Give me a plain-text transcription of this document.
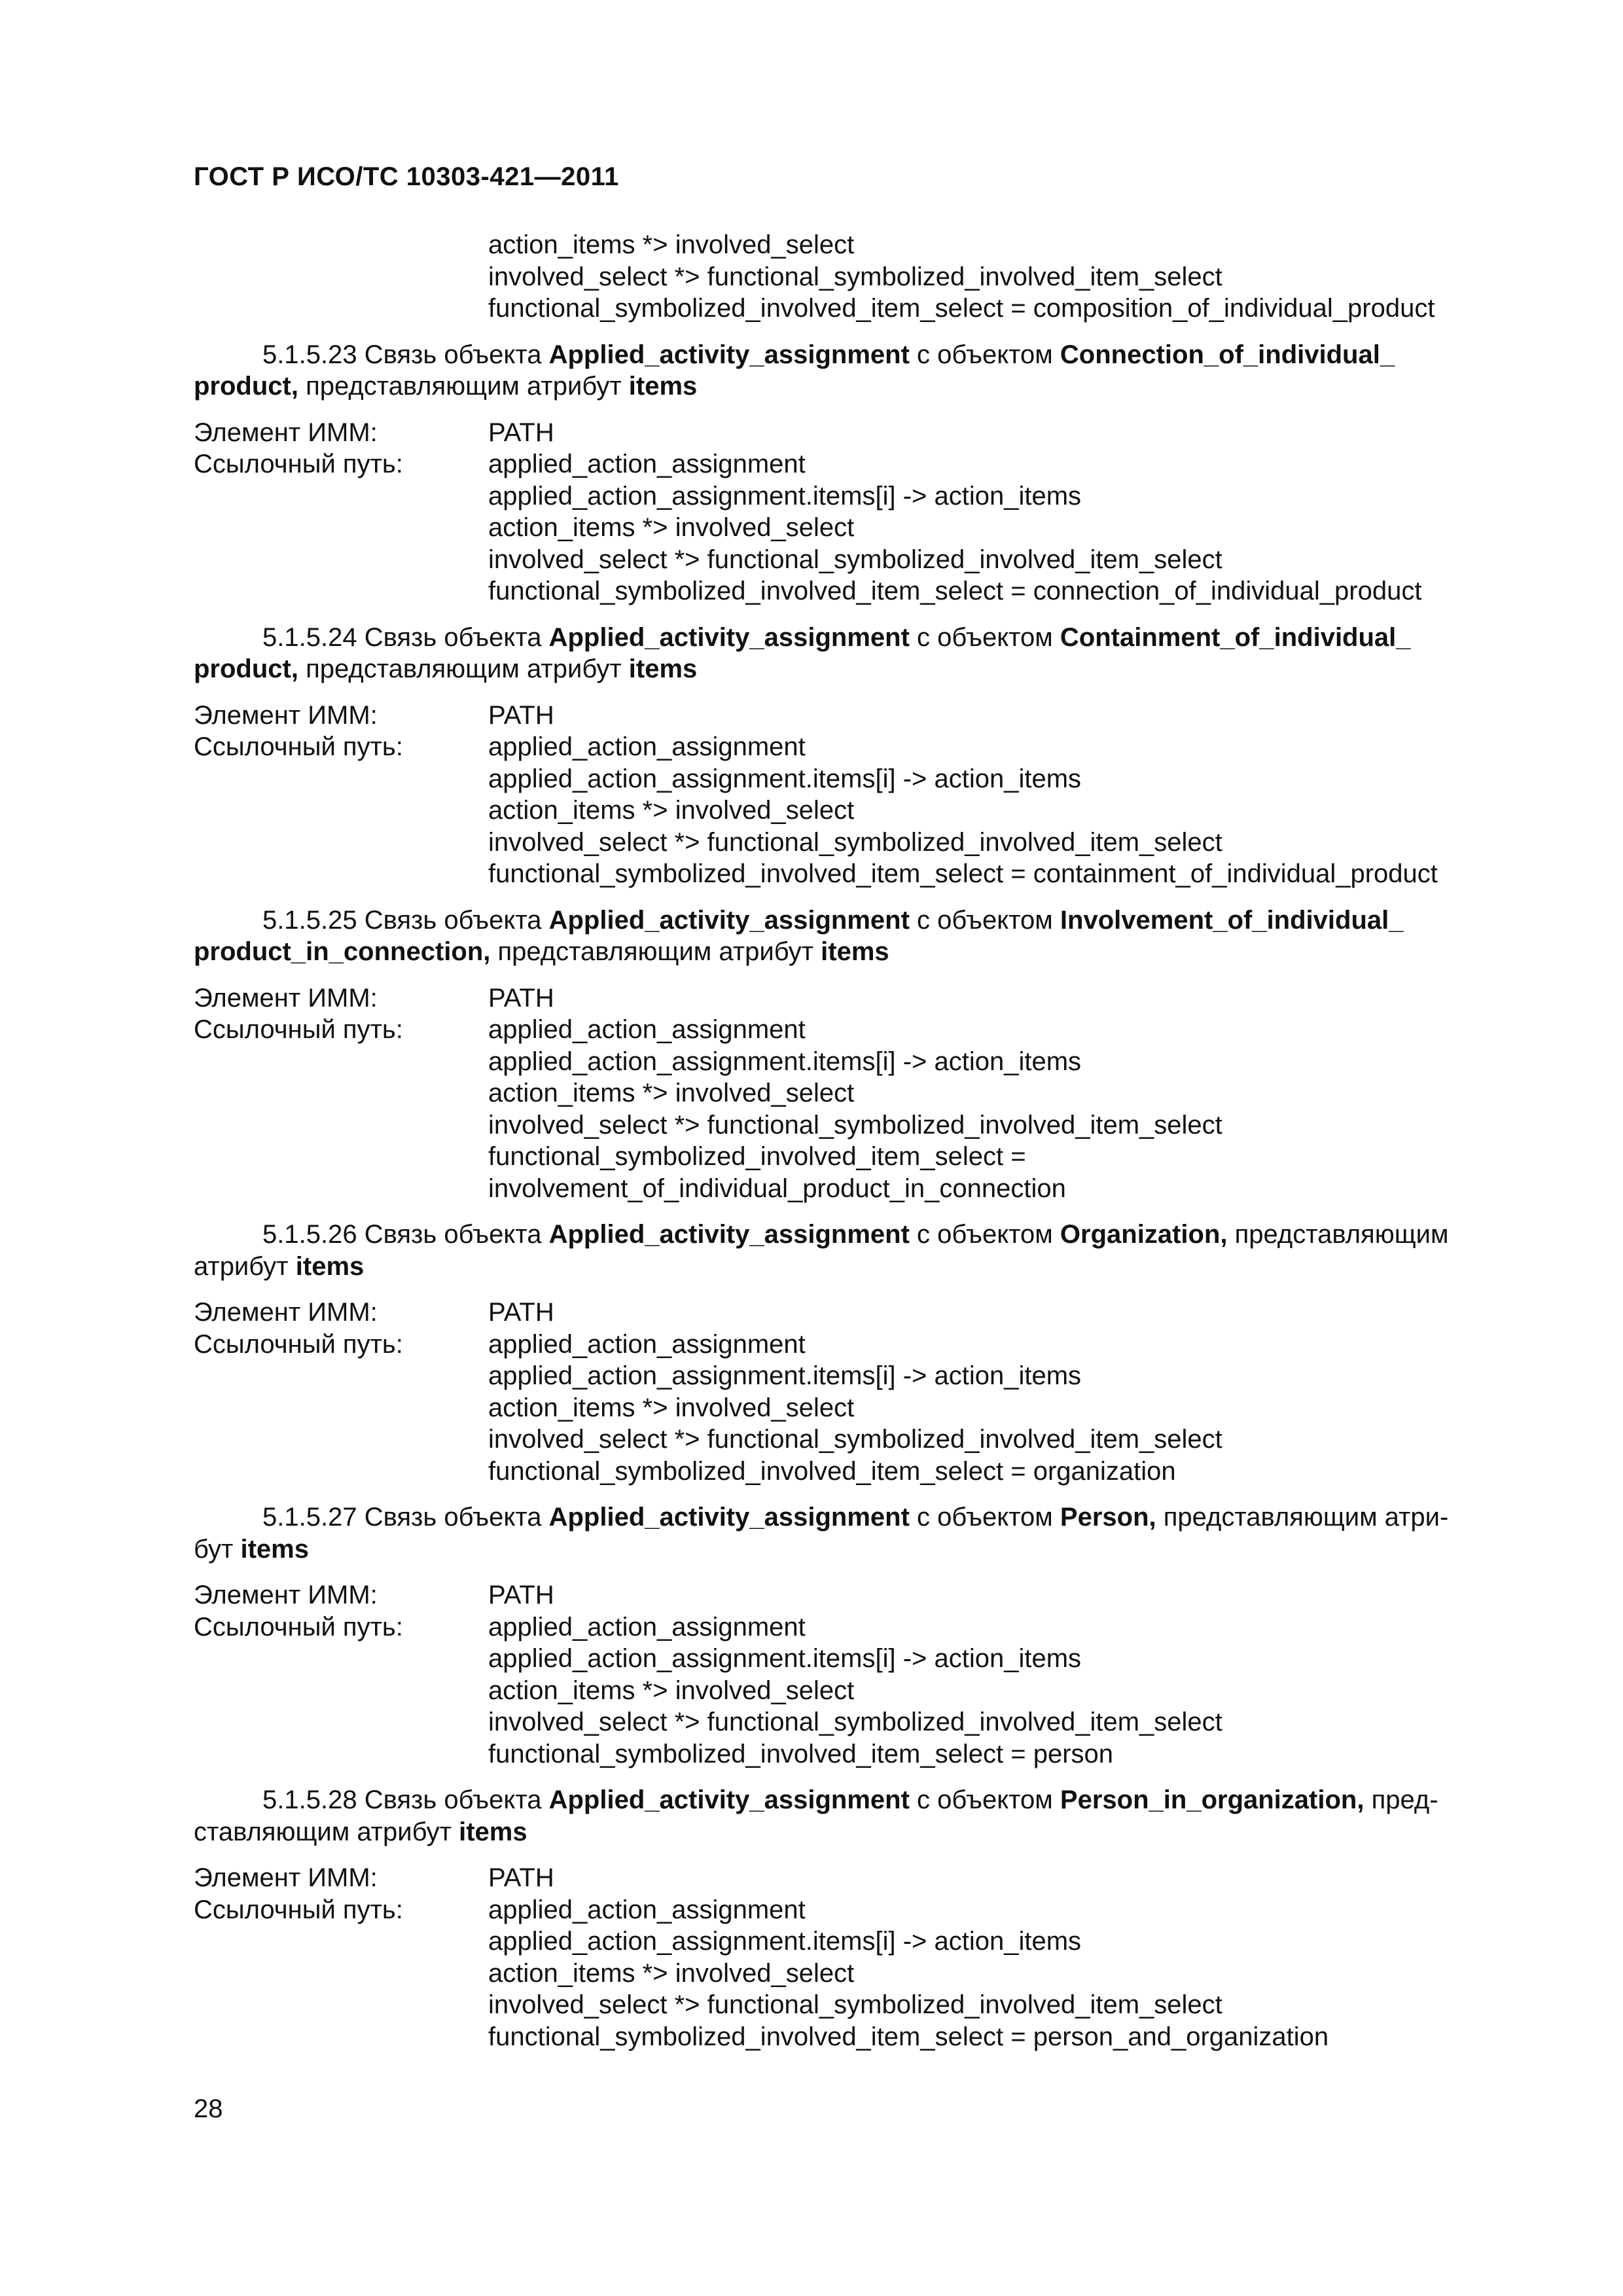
ГОСТ Р ИСО/ТС 10303-421—2011
action_items *> involved_select
involved_select *> functional_symbolized_involved_item_select
functional_symbolized_involved_item_select = composition_of_individual_product
5.1.5.23 Связь объекта Applied_activity_assignment с объектом Connection_of_individual_
product, представляющим атрибут items
Элемент ИММ:	PATH
Ссылочный путь:	applied_action_assignment
applied_action_assignment.items[i] -> action_items
action_items *> involved_select
involved_select *> functional_symbolized_involved_item_select
functional_symbolized_involved_item_select = connection_of_individual_product
5.1.5.24 Связь объекта Applied_activity_assignment с объектом Containment_of_individual_
product, представляющим атрибут items
Элемент ИММ:	PATH
Ссылочный путь:	applied_action_assignment
applied_action_assignment.items[i] -> action_items
action_items *> involved_select
involved_select *> functional_symbolized_involved_item_select
functional_symbolized_involved_item_select = containment_of_individual_product
5.1.5.25 Связь объекта Applied_activity_assignment с объектом Involvement_of_individual_
product_in_connection, представляющим атрибут items
Элемент ИММ:	PATH
Ссылочный путь:	applied_action_assignment
applied_action_assignment.items[i] -> action_items
action_items *> involved_select
involved_select *> functional_symbolized_involved_item_select
functional_symbolized_involved_item_select =
involvement_of_individual_product_in_connection
5.1.5.26 Связь объекта Applied_activity_assignment с объектом Organization, представляющим
атрибут items
Элемент ИММ:	PATH
Ссылочный путь:	applied_action_assignment
applied_action_assignment.items[i] -> action_items
action_items *> involved_select
involved_select *> functional_symbolized_involved_item_select
functional_symbolized_involved_item_select = organization
5.1.5.27 Связь объекта Applied_activity_assignment с объектом Person, представляющим атри-
бут items
Элемент ИММ:	PATH
Ссылочный путь:	applied_action_assignment
applied_action_assignment.items[i] -> action_items
action_items *> involved_select
involved_select *> functional_symbolized_involved_item_select
functional_symbolized_involved_item_select = person
5.1.5.28 Связь объекта Applied_activity_assignment с объектом Person_in_organization, пред-
ставляющим атрибут items
Элемент ИММ:	PATH
Ссылочный путь:	applied_action_assignment
applied_action_assignment.items[i] -> action_items
action_items *> involved_select
involved_select *> functional_symbolized_involved_item_select
functional_symbolized_involved_item_select = person_and_organization
28
